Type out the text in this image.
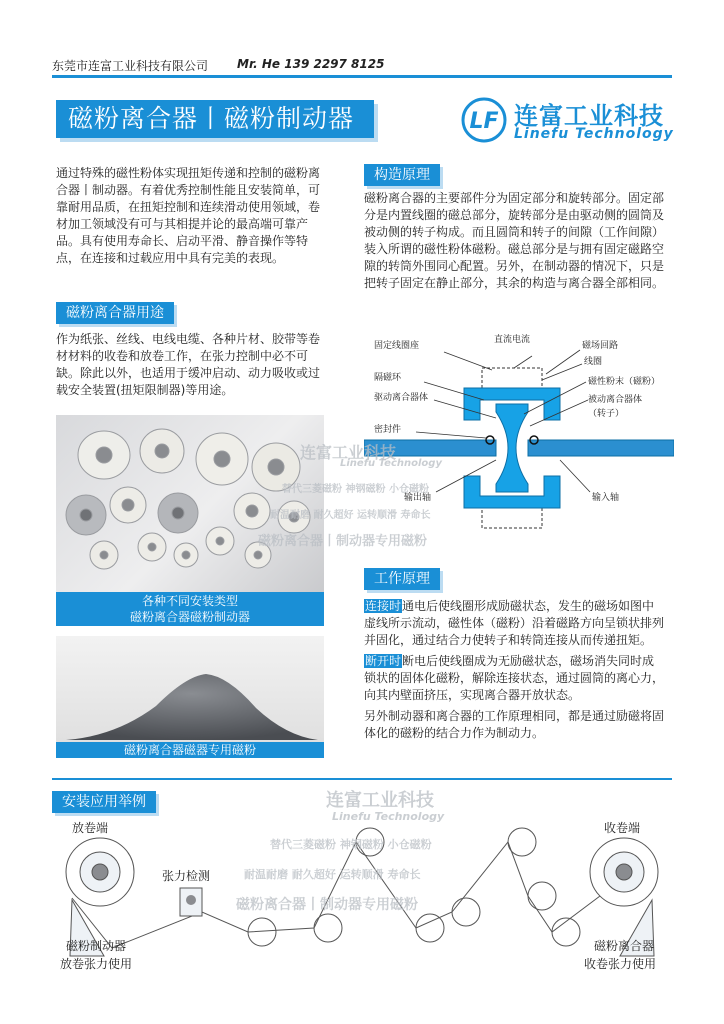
东莞市连富工业科技有限公司 Mr. He 139 2297 8125
磁粉离合器丨磁粉制动器	LF 连富工业科技
Linefu Technology
通过特殊的磁性粉体实现扭矩传递和控制的磁粉离合器丨制动器。有着优秀控制性能且安装简单，可靠耐用品质，在扭矩控制和连续滑动使用领域，卷材加工领域没有可与其相提并论的最高端可靠产品。具有使用寿命长、启动平滑、静音操作等特点，在连接和过载应用中具有完美的表现。
磁粉离合器用途
作为纸张、丝线、电线电缆、各种片材、胶带等卷材材料的收卷和放卷工作，在张力控制中必不可缺。除此以外，也适用于缓冲启动、动力吸收或过载安全装置(扭矩限制器)等用途。
构造原理
磁粉离合器的主要部件分为固定部分和旋转部分。固定部分是内置线圈的磁总部分，旋转部分是由驱动侧的圆筒及被动侧的转子构成。而且圆筒和转子的间隙（工作间隙）装入所谓的磁性粉体磁粉。磁总部分是与拥有固定磁路空隙的转筒外围同心配置。另外，在制动器的情况下，只是把转子固定在静止部分，其余的构造与离合器全部相同。
各种不同安装类型
磁粉离合器磁粉制动器
磁粉离合器磁器专用磁粉
固定线圈座
直流电流
磁场回路
线圈
隔磁环	磁性粉末（磁粉）
驱动离合器体	被动离合器体
（转子）
密封件
输出轴	输入轴
工作原理

连接时通电后使线圈形成励磁状态，发生的磁场如图中虚线所示流动，磁性体（磁粉）沿着磁路方向呈锁状排列并固化，通过结合力使转子和转筒连接从而传递扭矩。

断开时断电后使线圈成为无励磁状态，磁场消失同时成锁状的固体化磁粉，解除连接状态，通过圆筒的离心力，向其内壁面挤压，实现离合器开放状态。

另外制动器和离合器的工作原理相同，都是通过励磁将固体化的磁粉的结合力作为制动力。

安装应用举例
放卷端	收卷端
张力检测
磁粉制动器
放卷张力使用
磁粉离合器
收卷张力使用
连富工业科技
Linefu Technology
替代三菱磁粉 神钢磁粉 小仓磁粉
耐温耐磨 耐久超好 运转顺滑 寿命长
磁粉离合器丨制动器专用磁粉
连富工业科技
Linefu Technology
替代三菱磁粉 神钢磁粉 小仓磁粉
耐温耐磨 耐久超好 运转顺滑 寿命长
磁粉离合器丨制动器专用磁粉
